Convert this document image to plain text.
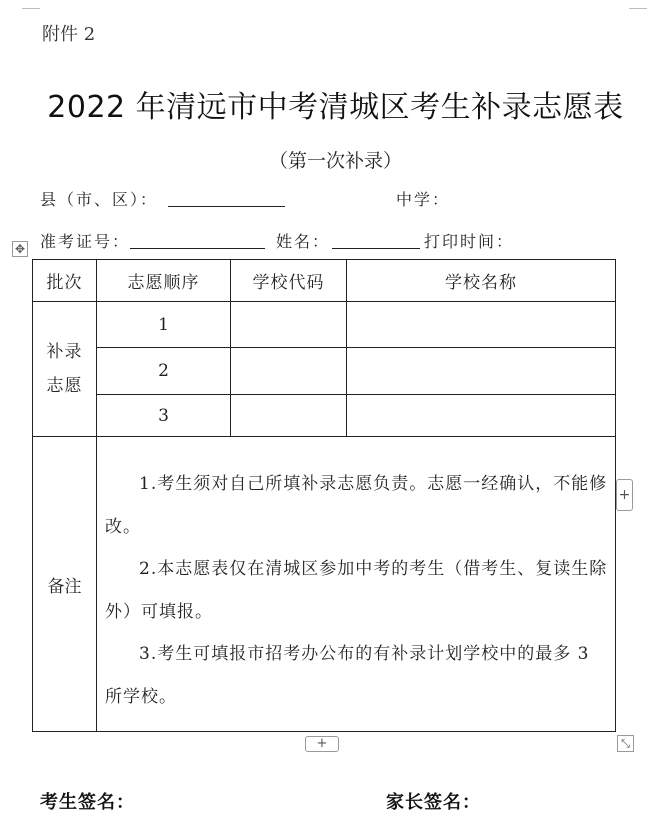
附件 2
2022 年清远市中考清城区考生补录志愿表
（第一次补录）
县（市、区）：	中学：
准考证号：	姓名：	打印时间：
✥
批次	志愿顺序	学校代码	学校名称

补录
志愿	1		
	2		
	3		
备注	1.考生须对自己所填补录志愿负责。志愿一经确认，不能修改。

2.本志愿表仅在清城区参加中考的考生（借考生、复读生除外）可填报。

3.考生可填报市招考办公布的有补录计划学校中的最多 3 所学校。		

+
+	⤡
考生签名：	家长签名：
